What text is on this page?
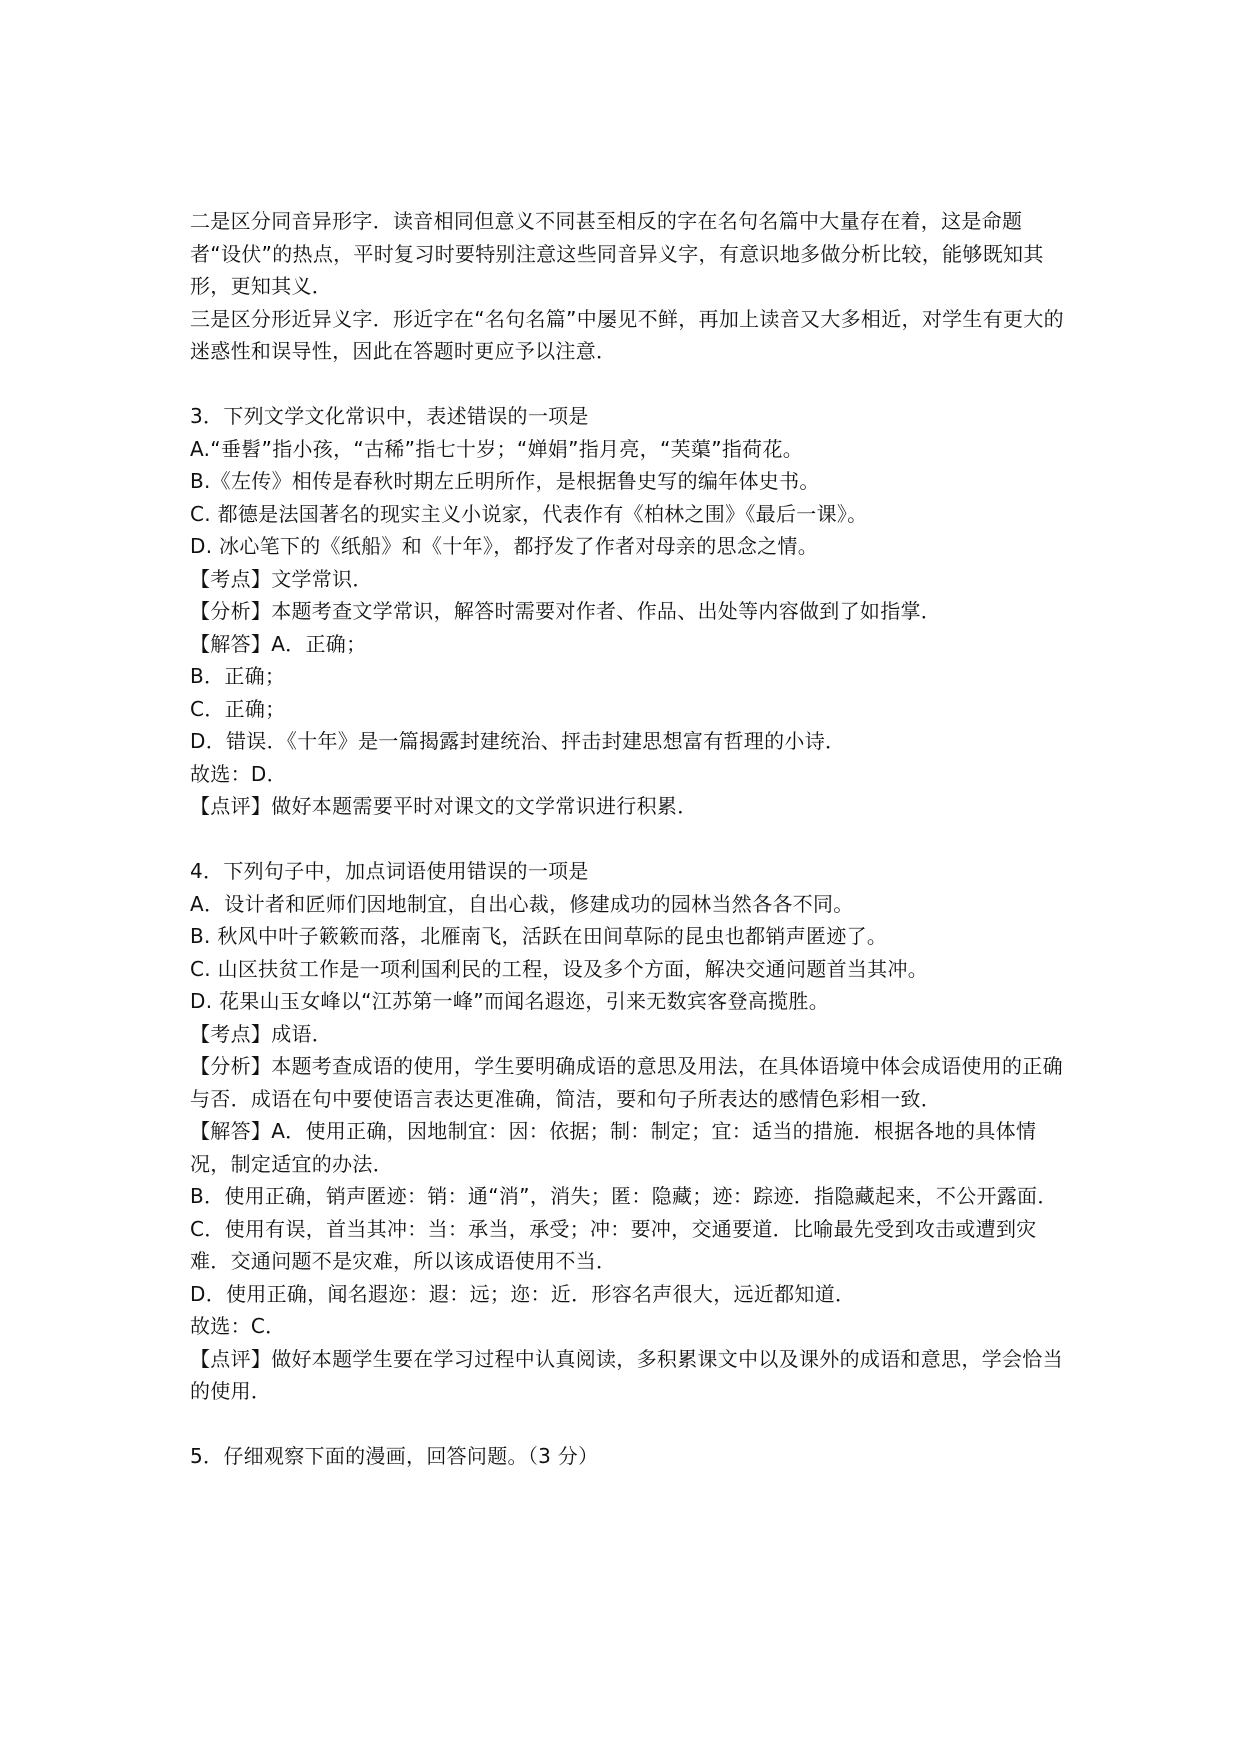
二是区分同音异形字．读音相同但意义不同甚至相反的字在名句名篇中大量存在着，这是命题者“设伏”的热点，平时复习时要特别注意这些同音异义字，有意识地多做分析比较，能够既知其形，更知其义．

三是区分形近异义字．形近字在“名句名篇”中屡见不鲜，再加上读音又大多相近，对学生有更大的迷惑性和误导性，因此在答题时更应予以注意．

3．下列文学文化常识中，表述错误的一项是

A.“垂髫”指小孩，“古稀”指七十岁；“婵娟”指月亮，“芙蕖”指荷花。

B.《左传》相传是春秋时期左丘明所作，是根据鲁史写的编年体史书。

C. 都德是法国著名的现实主义小说家，代表作有《柏林之围》《最后一课》。

D. 冰心笔下的《纸船》和《十年》，都抒发了作者对母亲的思念之情。

【考点】文学常识．

【分析】本题考查文学常识，解答时需要对作者、作品、出处等内容做到了如指掌．

【解答】A．正确；

B．正确；

C．正确；

D．错误．《十年》是一篇揭露封建统治、抨击封建思想富有哲理的小诗．

故选：D．

【点评】做好本题需要平时对课文的文学常识进行积累．

4．下列句子中，加点词语使用错误的一项是

A．设计者和匠师们因地制宜，自出心裁，修建成功的园林当然各各不同。

B. 秋风中叶子簌簌而落，北雁南飞，活跃在田间草际的昆虫也都销声匿迹了。

C. 山区扶贫工作是一项利国利民的工程，设及多个方面，解决交通问题首当其冲。

D. 花果山玉女峰以“江苏第一峰”而闻名遐迩，引来无数宾客登高揽胜。

【考点】成语．

【分析】本题考查成语的使用，学生要明确成语的意思及用法，在具体语境中体会成语使用的正确与否．成语在句中要使语言表达更准确，简洁，要和句子所表达的感情色彩相一致．

【解答】A．使用正确，因地制宜：因：依据；制：制定；宜：适当的措施．根据各地的具体情况，制定适宜的办法．

B．使用正确，销声匿迹：销：通“消”，消失；匿：隐藏；迹：踪迹．指隐藏起来，不公开露面．

C．使用有误，首当其冲：当：承当，承受；冲：要冲，交通要道．比喻最先受到攻击或遭到灾难．交通问题不是灾难，所以该成语使用不当．

D．使用正确，闻名遐迩：遐：远；迩：近．形容名声很大，远近都知道．

故选：C．

【点评】做好本题学生要在学习过程中认真阅读，多积累课文中以及课外的成语和意思，学会恰当的使用．

5．仔细观察下面的漫画，回答问题。（3 分）
